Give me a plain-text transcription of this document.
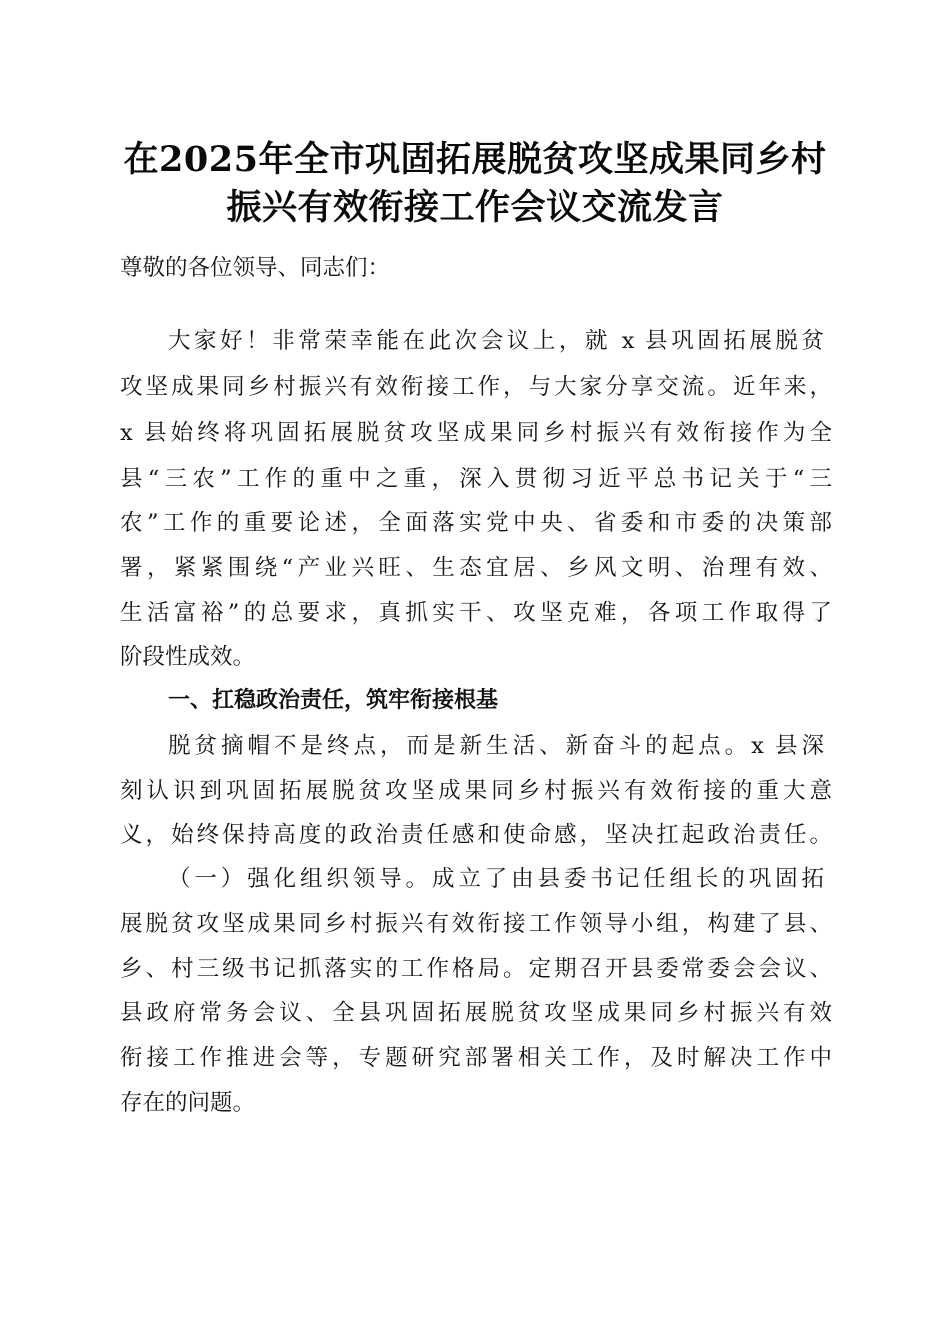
在2025年全市巩固拓展脱贫攻坚成果同乡村
振兴有效衔接工作会议交流发言
尊敬的各位领导、同志们：
大家好！非常荣幸能在此次会议上，就 x 县巩固拓展脱贫
攻坚成果同乡村振兴有效衔接工作，与大家分享交流。近年来，
x 县始终将巩固拓展脱贫攻坚成果同乡村振兴有效衔接作为全
县“三农”工作的重中之重，深入贯彻习近平总书记关于“三
农”工作的重要论述，全面落实党中央、省委和市委的决策部
署，紧紧围绕“产业兴旺、生态宜居、乡风文明、治理有效、
生活富裕”的总要求，真抓实干、攻坚克难，各项工作取得了
阶段性成效。
一、扛稳政治责任，筑牢衔接根基
脱贫摘帽不是终点，而是新生活、新奋斗的起点。x 县深
刻认识到巩固拓展脱贫攻坚成果同乡村振兴有效衔接的重大意
义，始终保持高度的政治责任感和使命感，坚决扛起政治责任。
（一）强化组织领导。成立了由县委书记任组长的巩固拓
展脱贫攻坚成果同乡村振兴有效衔接工作领导小组，构建了县、
乡、村三级书记抓落实的工作格局。定期召开县委常委会会议、
县政府常务会议、全县巩固拓展脱贫攻坚成果同乡村振兴有效
衔接工作推进会等，专题研究部署相关工作，及时解决工作中
存在的问题。
